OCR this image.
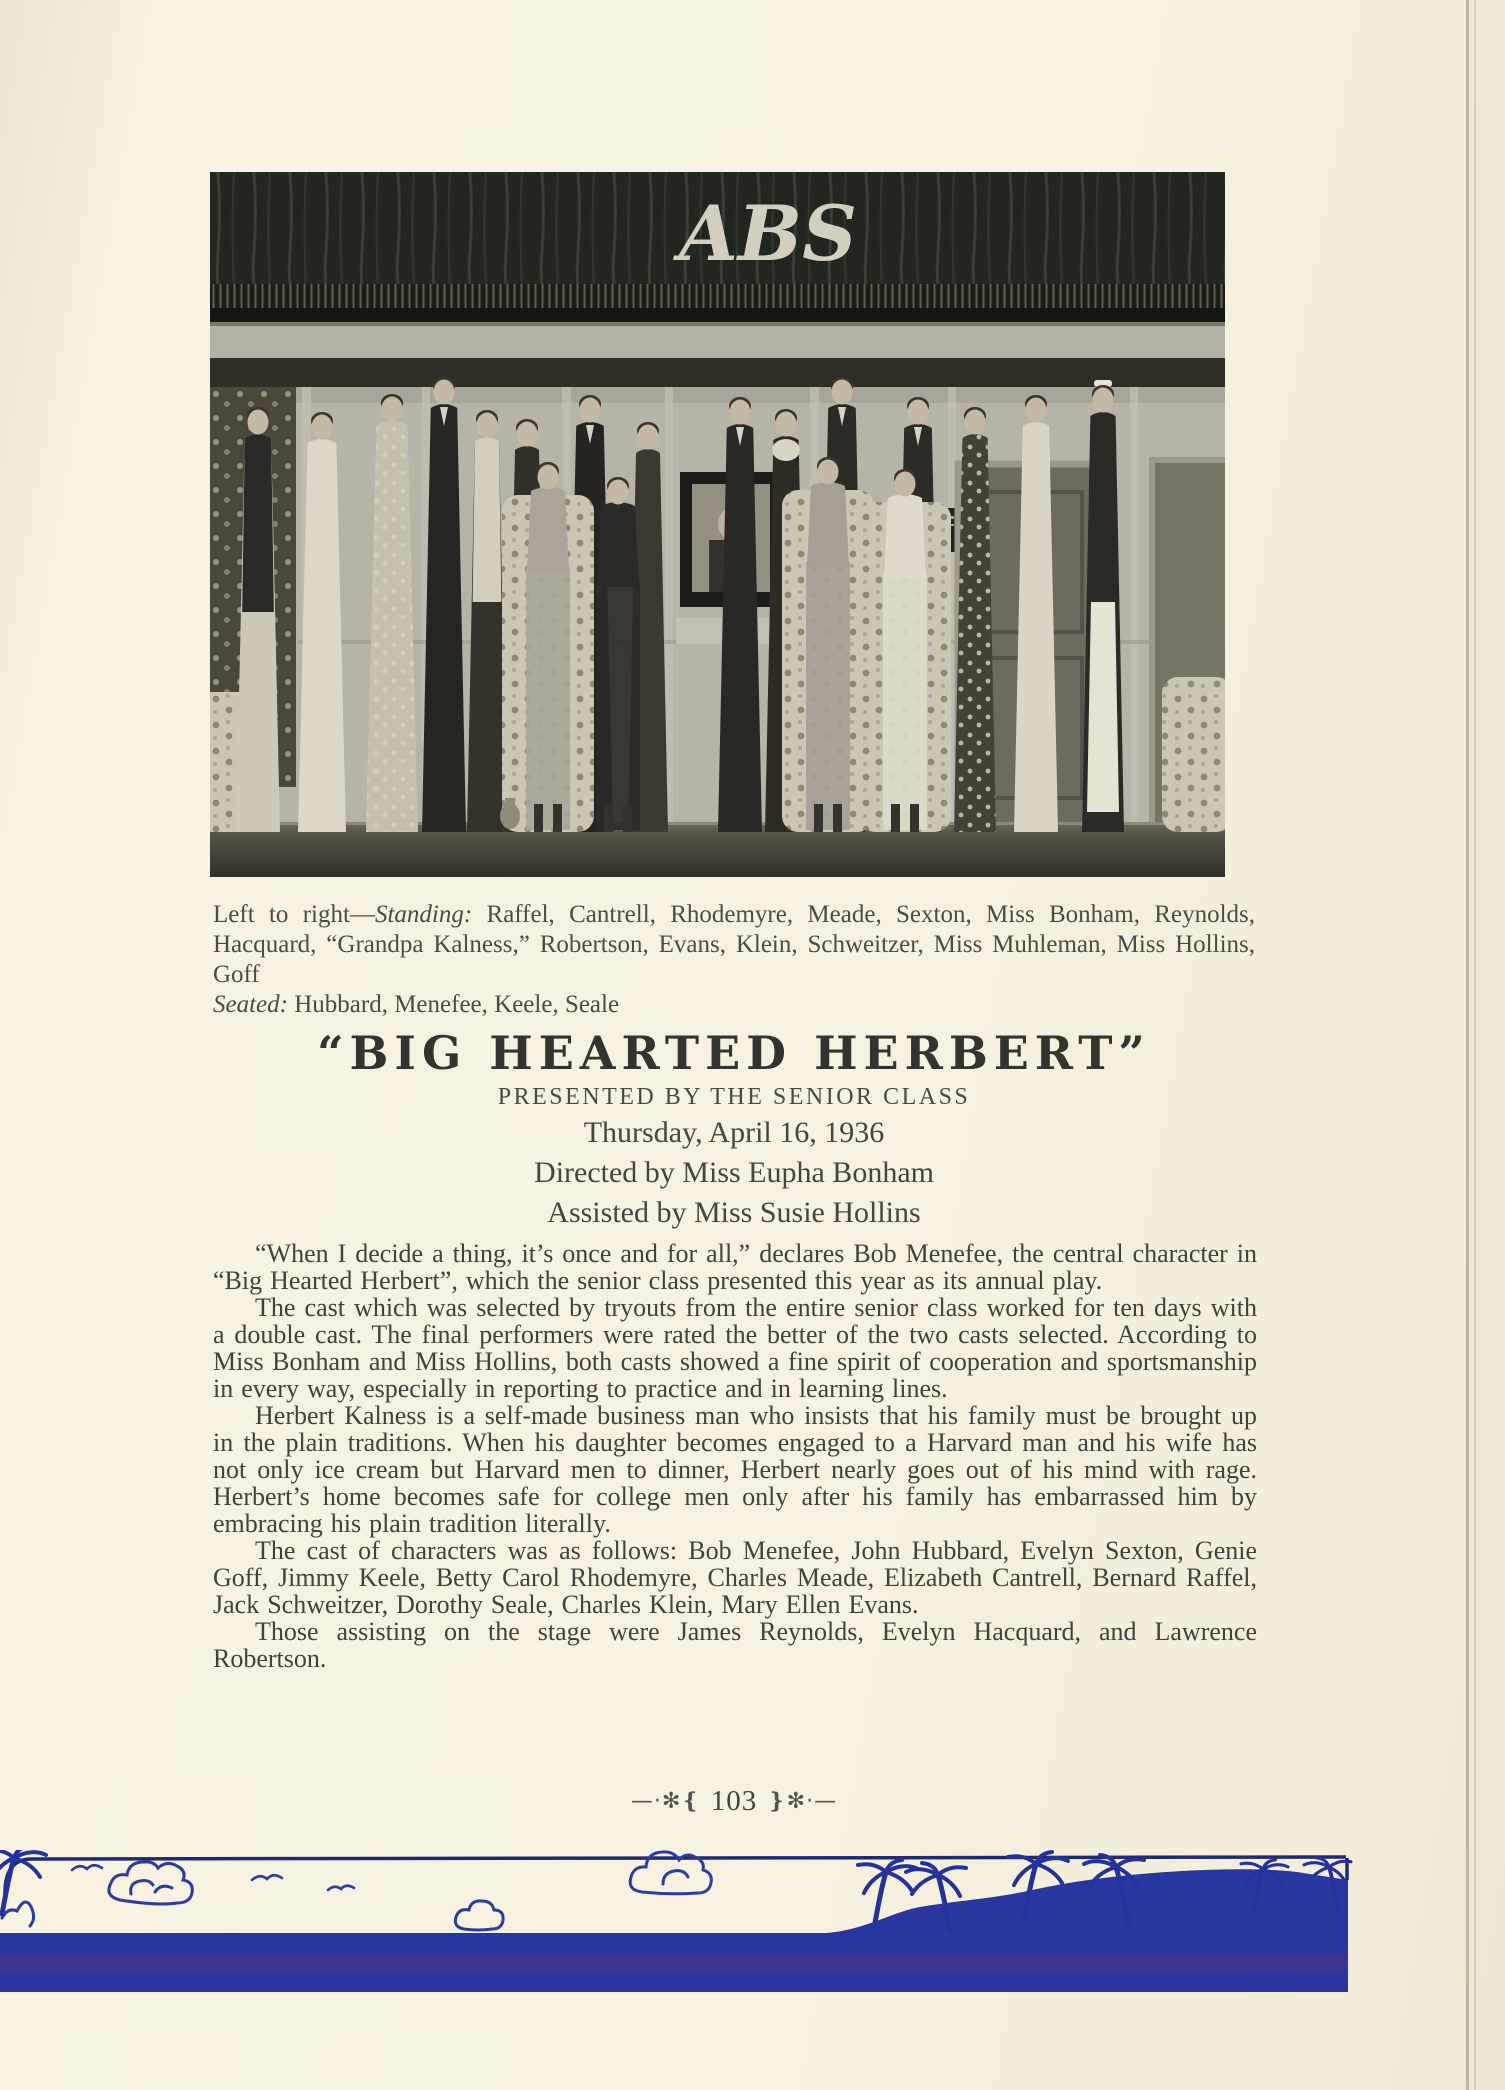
ABS

Left to right—Standing: Raffel, Cantrell, Rhodemyre, Meade, Sexton, Miss Bonham, Reynolds, Hacquard, “Grandpa Kalness,” Robertson, Evans, Klein, Schweitzer, Miss Muhleman, Miss Hollins, Goff

Seated: Hubbard, Menefee, Keele, Seale

“BIG HEARTED HERBERT”
PRESENTED BY THE SENIOR CLASS
Thursday, April 16, 1936
Directed by Miss Eupha Bonham
Assisted by Miss Susie Hollins

“When I decide a thing, it’s once and for all,” declares Bob Menefee, the central character in “Big Hearted Herbert”, which the senior class presented this year as its annual play.

The cast which was selected by tryouts from the entire senior class worked for ten days with a double cast. The final performers were rated the better of the two casts selected. According to Miss Bonham and Miss Hollins, both casts showed a fine spirit of cooperation and sportsmanship in every way, especially in reporting to practice and in learning lines.

Herbert Kalness is a self-made business man who insists that his family must be brought up in the plain traditions. When his daughter becomes engaged to a Harvard man and his wife has not only ice cream but Harvard men to dinner, Herbert nearly goes out of his mind with rage. Herbert’s home becomes safe for college men only after his family has embarrassed him by embracing his plain tradition literally.

The cast of characters was as follows: Bob Menefee, John Hubbard, Evelyn Sexton, Genie Goff, Jimmy Keele, Betty Carol Rhodemyre, Charles Meade, Elizabeth Cantrell, Bernard Raffel, Jack Schweitzer, Dorothy Seale, Charles Klein, Mary Ellen Evans.

Those assisting on the stage were James Reynolds, Evelyn Hacquard, and Lawrence Robertson.

—·✻❴ 103 ❵✻·—
